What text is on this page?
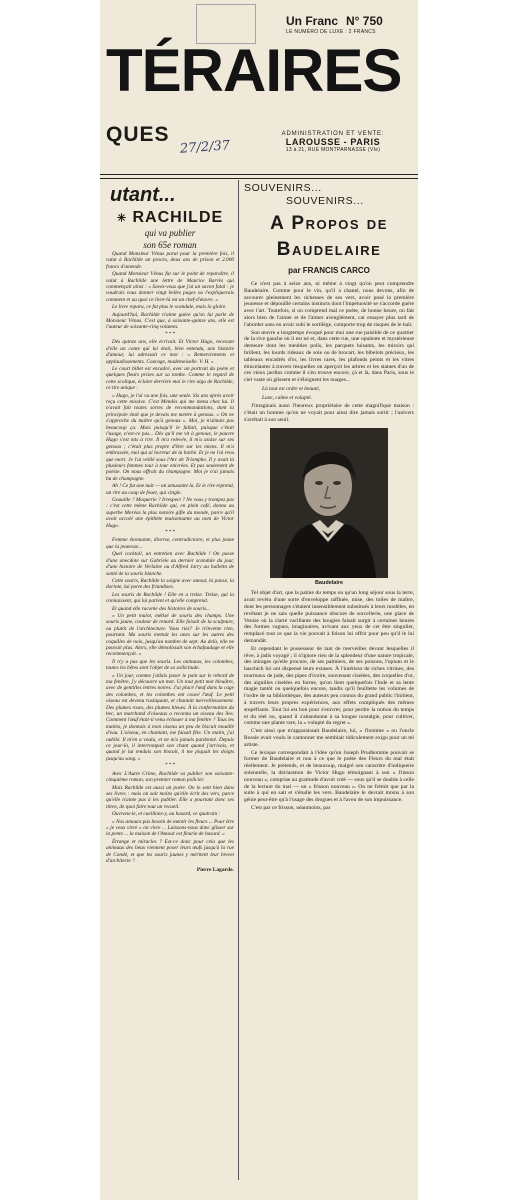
Un Franc N° 750
LE NUMÉRO DE LUXE : 2 FRANCS
TÉRAIRES
QUES
27/2/37
ADMINISTRATION ET VENTE:
LAROUSSE - PARIS
13 à 21, RUE MONTPARNASSE (VIe)
utant...
✳ RACHILDE
qui va publier
son 65e roman

Quand Monsieur Vénus parut pour la première fois, il valut à Rachilde un procès, deux ans de prison et 2.000 francs d'amende.

Quand Monsieur Vénus fut sur le point de reparaître, il valut à Rachilde une lettre de Maurice Barrès qui commençait ainsi : « Savez-vous que j'ai un savon fatal : je voudrais vous donner vingt belles pages ou l'expliquerais comment et au quoi ce livre-là est un chef-d'œuvre. »

Le livre reparu, ce fut plus le scandale, mais la gloire.

Aujourd'hui, Rachilde n'aime guère qu'on lui parle de Monsieur Vénus. C'est que, à soixante-quinze ans, elle est l'auteur de soixante-cinq volumes.

* * *

Dès quinze ans, elle écrivait. Et Victor Hugo, recevant d'elle un conte qui lui était, bien entendu, une histoire d'amour, lui adressait ce mot : « Remerciements et applaudissements. Courage, mademoiselle. V. H. »

Le court billet est encadré, avec un portrait du poète et quelques fleurs prises sur sa tombe. Comme le regard de cette scolique, éclaire derrière moi le rire aigu de Rachilde, ce tire unique :

« Hugo, je l'ai vu une fois, une seule. Six ans après avoir reçu cette missive. C'est Mendès qui me mena chez lui. Il n'avait fait toutes sortes de recommandations, dont la principale était que je devais me mettre à genoux. « On ne s'approche du maître qu'à genoux ». Moi, je n'aimais pas beaucoup ça. Mais puisqu'il le fallait, puisque c'était l'usage, n'est-ce pas... Dès qu'il me vit à genoux, le pauvre Hugo s'est mis à rire. Il m'a relevée, il m'a assise sur ses genoux ; c'était plus propre d'être sur les miens. Il m'a embrassée, moi qui ai horreur de la barbe. Et je ne l'ai revu que mort. Je l'ai veillé sous l'Arc de Triomphe. Il y avait là plusieurs femmes tour à tour enivrées. Et pas seulement de poésie. On nous offrait du champagne. Moi je n'ai jamais bu de champagne.

Ah ! Ce fut une nuit — un amusante la. Et le rire reprend, un rire au coup de fouet, qui cingle.

Gouaille ? Moquerie ? Irrespect ? Ne vous y trompez pas : c'est cette même Rachilde qui, en plein café, donna au superbe Moréas la plus notoire gifle du monde, parce qu'il avait accolé une épithète malsonnante au nom de Victor Hugo.

* * *

Femme étonnante, diverse, contradictoire, et plus jeune que la jeunesse...

Quel cocktail, un entretien avec Rachilde ! On passe d'une anecdote sur Gabriele au dernier scandale du jour, d'une histoire de Verlaine ou d'Alfred Jarry au bulletin de santé de la souris blanche.

Cette souris, Rachilde la soigne avec amour, la panse, la dorlote, lui porte des friandises.

Les souris de Rachilde ! Elle en a treize. Treize, qui la connaissent, qui lui parlent et qu'elle comprend.

Et quand elle raconte des histoires de souris...

« Un petit mulot, métisé de souris des champs. Une souris jaune, couleur de renard. Elle faisait de la sculpture, ou plutôt de l'architecture. Vous riez? Je n'invente rien, pourtant. Ma souris mettait les unes sur les autres des coquilles de noix, jusqu'au nombre de sept. Au delà, elle ne pouvait plus. Alors, elle démolissait son échafaudage et elle recommençait. »

Il n'y a pas que les souris. Les animaux, les colombes, toutes les bêtes sont l'objet de sa sollicitude.

« Un jour, comme j'allais poser le pain sur le rebord de ma fenêtre, j'y découvre un mot. Un tout petit mot bleuâtre, avec de gentilles lettres noires. J'ai placé l'œuf dans la cage des colombes, et les colombes ont couvé l'œuf. Le petit oiseau est devenu rustiquant, et chantait merveilleusement. Des plumes roses, des plumes bleues. À la conformation du bec, un marchand d'oiseaux a reconnu un oiseau des îles. Comment l'œuf était-il venu échouer à ma fenêtre ? Tous les matins, je donnais à mon oiseau un peu de biscuit mouillé d'eau. L'oiseau, en chantant, me faisait fête. Un matin, j'ai oublié. Il m'en a voulu, et ne m'a jamais pardonné. Depuis ce jour-là, il interrompait son chant quand j'arrivais, et quand je lui tendais son biscuit, il me piquait les doigts jusqu'au sang. »

* * *

Avec L'Autre Crime, Rachilde va publier son soixante-cinquième roman, son premier roman policier.

Mais Rachilde est aussi un poète. On le sent bien dans ses livres : mais on sait moins qu'elle écrit des vers, parce qu'elle n'aime pas à les publier. Elle a pourtant donc ses titres, de quoi faire tout un recueil.

Ouvrons-le, et cueillons-y, au hasard, ce quatrain :

« Nos amours pas besoin de mentir les fleurs ... Pour être « je veux vivre » on vivre ... Laissons-nous donc glisser sur la pente ... la maison de l'Amour est fleurie de hasard. »

Étrange et miracles ? Est-ce donc pour cela que les animaux des lieux viennent poser leurs œufs jusqu'à la rue de Condé, et que les souris jaunes y méritent leur brevet d'architecte ?

Pierre Lagarde.
SOUVENIRS...
SOUVENIRS...
A Propos de
Baudelaire
par FRANCIS CARCO

Ce n'est pas à seize ans, ni même à vingt qu'on peut comprendre Baudelaire. Comme pour le vin, qu'il a chanté, nous devons, afin de savourer pleinement les richesses de ses vers, avoir posé la première jeunesse et dépouillé certains instincts dont l'impétuosité se s'accorde guère avec l'art. Toutefois, si on comprend mal ce poète, de bonne heure, on fait alors bien de l'aimer et de l'aimer aveuglément, car essayer plus tard de l'aborder sans en avoir subi le sortilège, comporte trop de risques de le haïr.

Son œuvre a longtemps évoqué pour moi une rue paisible de ce quartier de la rive gauche où il est né et, dans cette rue, une opulente et mystérieuse demeure dont les meubles polis, les parquets luisants, les miroirs qui brillent, les lourds rideaux de soie ou de brocart, les bibelots précieux, les tableaux encadrés d'or, les livres rares, les plafonds peints et les vitres étincelantes à travers lesquelles on aperçoit les arbres et les statues d'un de ces vieux jardins comme il s'en trouve encore, çà et là, dans Paris, sous le ciel vaste où glissent et s'éloignent les nuages...

Là tout est ordre et beauté,
Luxe, calme et volupté.

J'imaginais aussi l'heureux propriétaire de cette magnifique maison : c'était un homme qu'on ne voyait pour ainsi dire jamais sortir ; l'univers s'arrêtait à son seuil.

Baudelaire

Tel objet d'art, que la patine du temps ou qu'un long séjour sous la terre, avait revêtu d'une sorte d'enveloppe raffinée, mise, des toiles de maître, dont les personnages s'étaient insensiblement substitués à leurs modèles, en revêtant je ne sais quelle puissance obscure de sorcellerie, une glace de Venise où la clarté vacillante des bougies faisait surgir à certaines heures des formes vagues, imaginaires, avivant aux yeux de cet être singulier, remplacé tout ce que la vie pouvait à foison lui offrir pour peu qu'il le lui demandât.

Et cependant le possesseur de tant de merveilles devant lesquelles il rêve, à jadis voyagé ; il n'ignore rien de la splendeur d'une nature tropicale, des mirages qu'elle procure, de ses palmiers, de ses poisons, l'opium et le haschich lui ont dispensé leurs extases. À l'intérieur de riches vitrines, des tourmaux de jade, des pipes d'ivoire, souvenant ciselées, des coquelles d'or, des aiguilles ciselées en forme, qu'on lient quelquefois l'Inde et sa lente magie tantôt ou quelquefois encore, tandis qu'il feuillette les volumes de l'ordre de sa bibliothèque, des auteurs peu connus du grand public l'initient, à travers leurs propres expériences, aux effets compliqués des mêmes stupéfiants. Tout lui est bon pour s'enivrer, pour perdre la notion du temps et du réel ou, quand il s'abandonne à sa longue nostalgie, pour cultiver, comme une plante rare, la « volupté du regret ».

C'est ainsi que m'apparaissait Baudelaire, lui, « l'homme » ou l'oncle Rossie avait voulu le cantonner me semblait ridiculement exigu pour un tel artiste.

Ce lexique correspondait à l'idée qu'un Joseph Prudhomme pouvait se former de Baudelaire et non à ce que le poète des Fleurs du mal était réellement. Je prétends, et de beaucoup, malgré son caractère d'indiquerie solennelle, la déclaration de Victor Hugo témoignant à son « frisson nouveau », comprise au gratitude d'avoir créé — sous qu'il se double à celle de la lecture du mal — un « frisson nouveau ». On ne frémit que par la suite à qui en sait et s'étudie les vers. Baudelaire le devrait moins à son génie peut-être qu'à l'usage des drogues et à l'aveu de son impuissance.

C'est par ce frisson, néanmoins, par
